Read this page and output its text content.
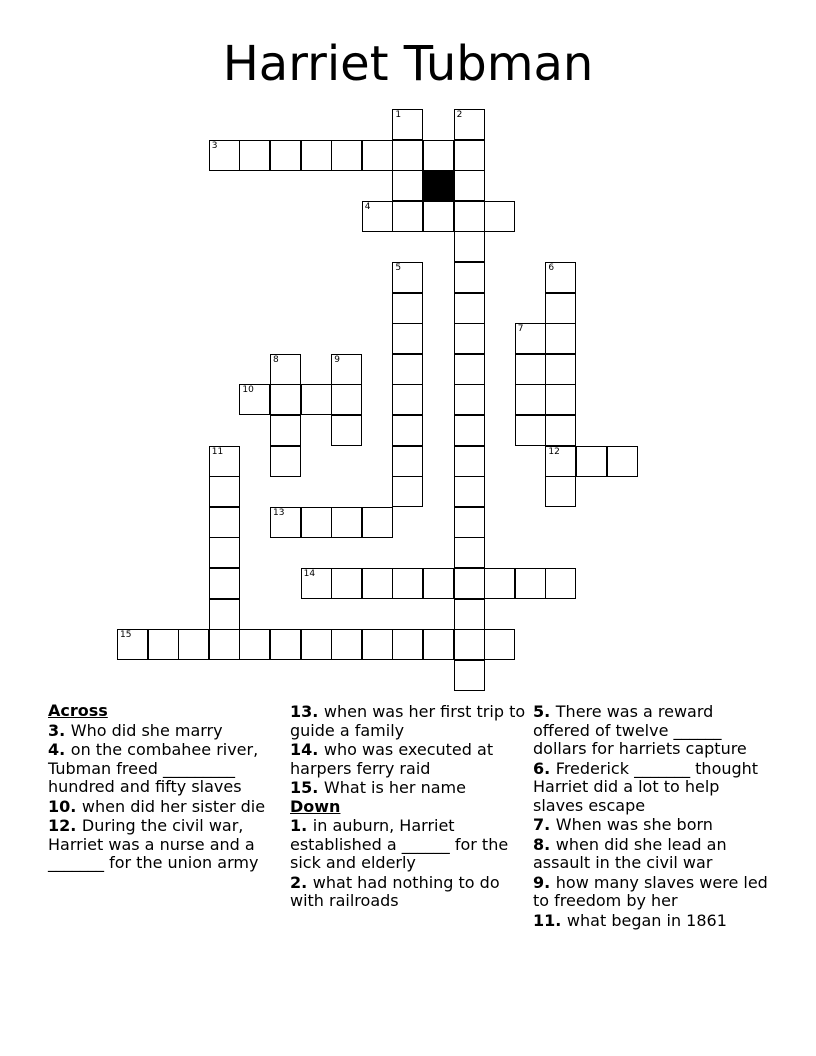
Harriet Tubman
1	2
3
4
5	6
7
8	9
10
11	12
13
14
15
Across
3. Who did she marry
4. on the combahee river, Tubman freed _________ hundred and fifty slaves
10. when did her sister die
12. During the civil war, Harriet was a nurse and a _______ for the union army
13. when was her first trip to guide a family
14. who was executed at harpers ferry raid
15. What is her name
Down
1. in auburn, Harriet established a ______ for the sick and elderly
2. what had nothing to do with railroads
5. There was a reward offered of twelve ______ dollars for harriets capture
6. Frederick _______ thought Harriet did a lot to help slaves escape
7. When was she born
8. when did she lead an assault in the civil war
9. how many slaves were led to freedom by her
11. what began in 1861
